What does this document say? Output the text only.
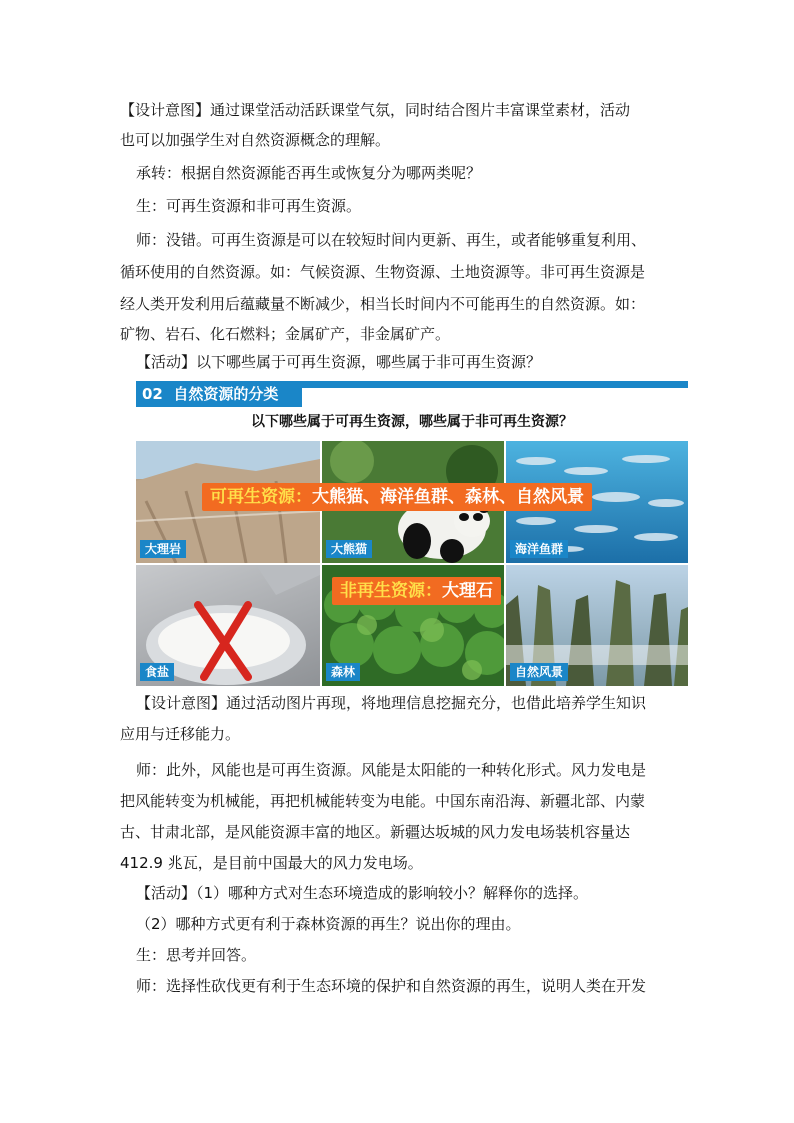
【设计意图】通过课堂活动活跃课堂气氛，同时结合图片丰富课堂素材，活动
也可以加强学生对自然资源概念的理解。
承转：根据自然资源能否再生或恢复分为哪两类呢？
生：可再生资源和非可再生资源。
师：没错。可再生资源是可以在较短时间内更新、再生，或者能够重复利用、
循环使用的自然资源。如：气候资源、生物资源、土地资源等。非可再生资源是
经人类开发利用后蕴藏量不断减少，相当长时间内不可能再生的自然资源。如：
矿物、岩石、化石燃料；金属矿产，非金属矿产。
【活动】以下哪些属于可再生资源，哪些属于非可再生资源？
02 自然资源的分类
以下哪些属于可再生资源，哪些属于非可再生资源？
大理岩	大熊猫	海洋鱼群
食盐	森林	自然风景
可再生资源：大熊猫、海洋鱼群、森林、自然风景
非再生资源：大理石
【设计意图】通过活动图片再现，将地理信息挖掘充分，也借此培养学生知识
应用与迁移能力。
师：此外，风能也是可再生资源。风能是太阳能的一种转化形式。风力发电是
把风能转变为机械能，再把机械能转变为电能。中国东南沿海、新疆北部、内蒙
古、甘肃北部，是风能资源丰富的地区。新疆达坂城的风力发电场装机容量达
412.9 兆瓦，是目前中国最大的风力发电场。
【活动】（1）哪种方式对生态环境造成的影响较小？解释你的选择。
（2）哪种方式更有利于森林资源的再生？说出你的理由。
生：思考并回答。
师：选择性砍伐更有利于生态环境的保护和自然资源的再生，说明人类在开发
